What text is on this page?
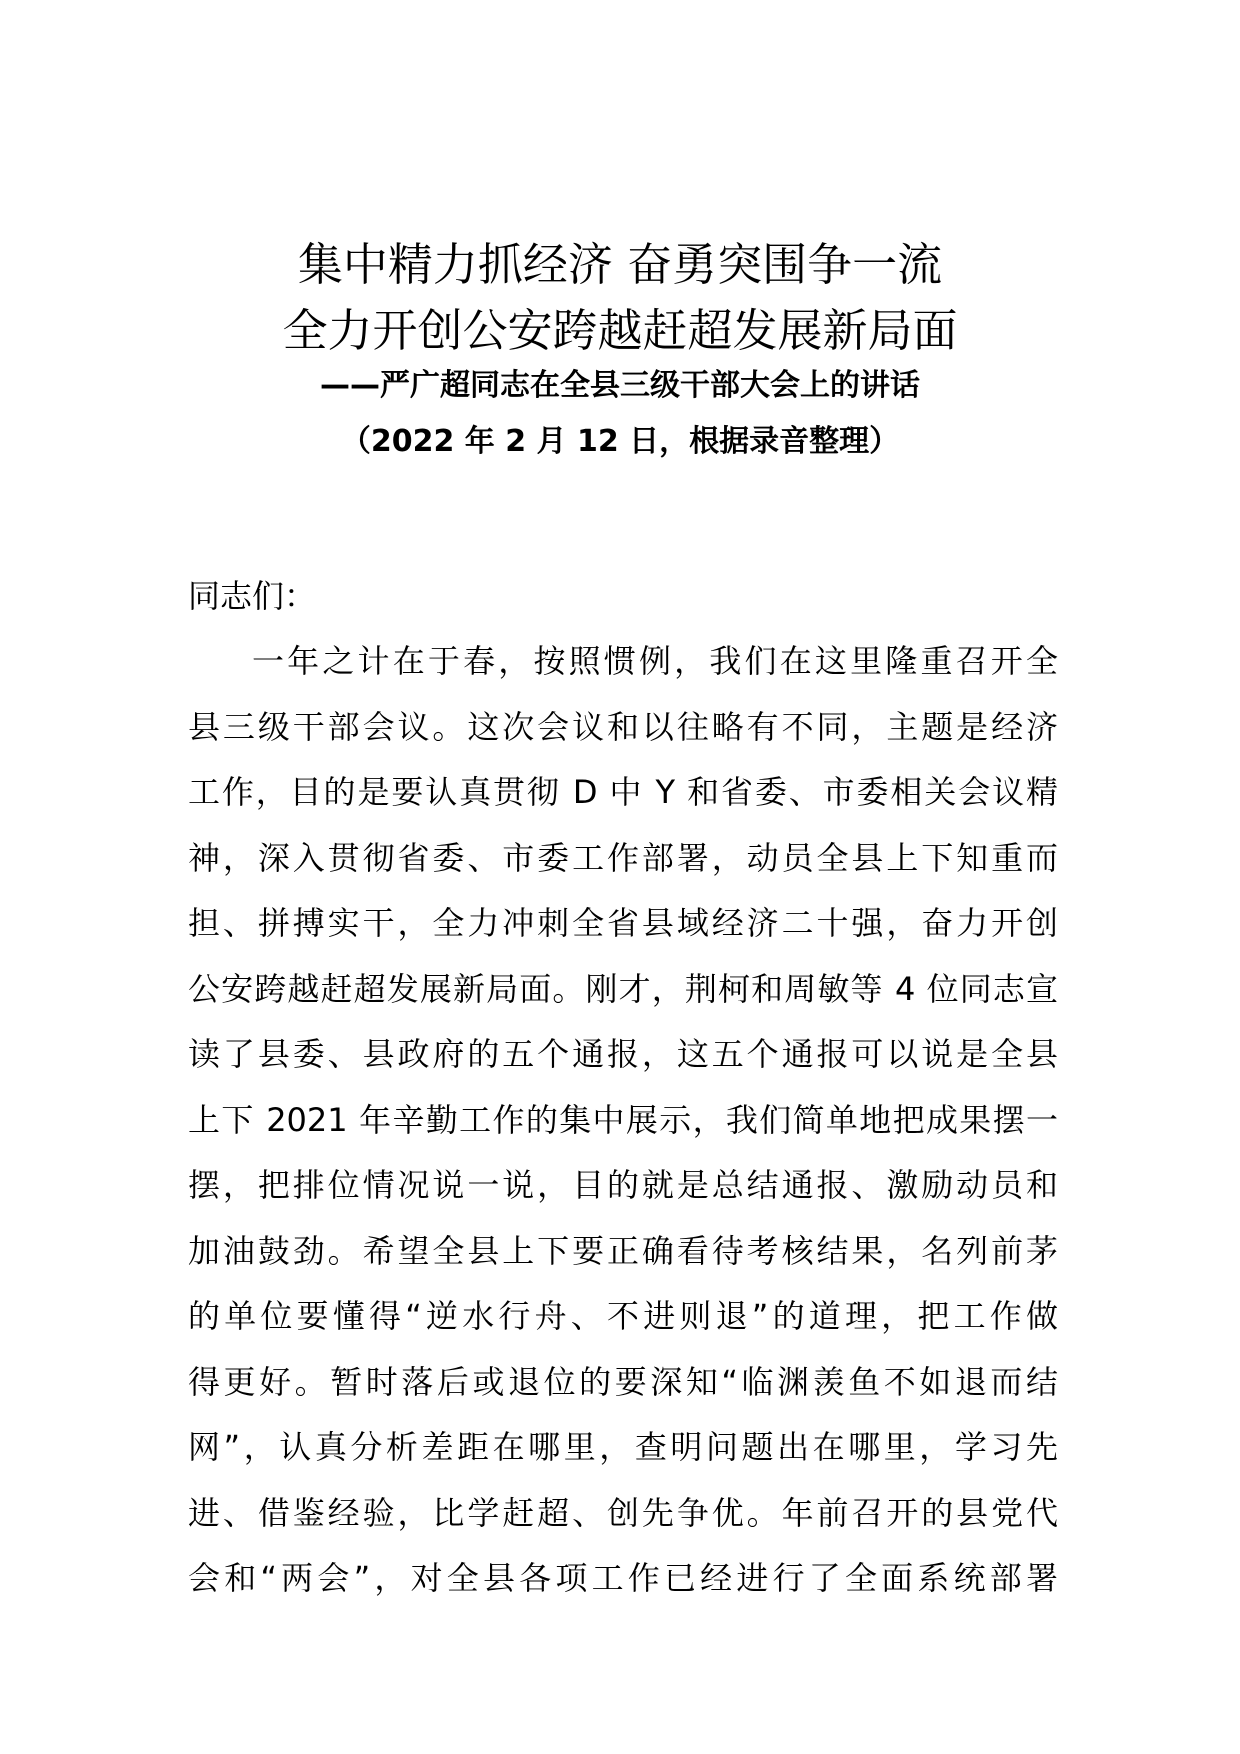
集中精力抓经济 奋勇突围争一流
全力开创公安跨越赶超发展新局面
——严广超同志在全县三级干部大会上的讲话
（2022 年 2 月 12 日，根据录音整理）
同志们：
一年之计在于春，按照惯例，我们在这里隆重召开全
县三级干部会议。这次会议和以往略有不同，主题是经济
工作，目的是要认真贯彻 D 中 Y 和省委、市委相关会议精
神，深入贯彻省委、市委工作部署，动员全县上下知重而
担、拼搏实干，全力冲刺全省县域经济二十强，奋力开创
公安跨越赶超发展新局面。刚才，荆柯和周敏等 4 位同志宣
读了县委、县政府的五个通报，这五个通报可以说是全县
上下 2021 年辛勤工作的集中展示，我们简单地把成果摆一
摆，把排位情况说一说，目的就是总结通报、激励动员和
加油鼓劲。希望全县上下要正确看待考核结果，名列前茅
的单位要懂得“逆水行舟、不进则退”的道理，把工作做
得更好。暂时落后或退位的要深知“临渊羡鱼不如退而结
网”，认真分析差距在哪里，查明问题出在哪里，学习先
进、借鉴经验，比学赶超、创先争优。年前召开的县党代
会和“两会”，对全县各项工作已经进行了全面系统部署
